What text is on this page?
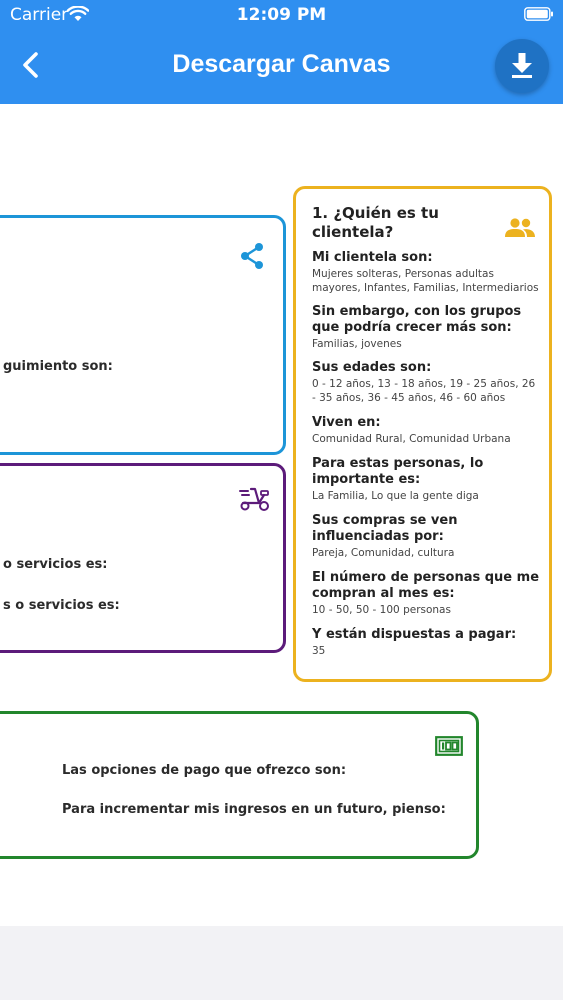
Carrier	12:09 PM
Descargar Canvas
guimiento son:
o servicios es:
s o servicios es:
1. ¿Quién es tu clientela?
Mi clientela son:
Mujeres solteras, Personas adultas mayores, Infantes, Familias, Intermediarios
Sin embargo, con los grupos que podría crecer más son:
Familias, jovenes
Sus edades son:
0 - 12 años, 13 - 18 años, 19 - 25 años, 26 - 35 años, 36 - 45 años, 46 - 60 años
Viven en:
Comunidad Rural, Comunidad Urbana
Para estas personas, lo importante es:
La Familia, Lo que la gente diga
Sus compras se ven influenciadas por:
Pareja, Comunidad, cultura
El número de personas que me compran al mes es:
10 - 50, 50 - 100 personas
Y están dispuestas a pagar:
35
Las opciones de pago que ofrezco son:
Para incrementar mis ingresos en un futuro, pienso:
